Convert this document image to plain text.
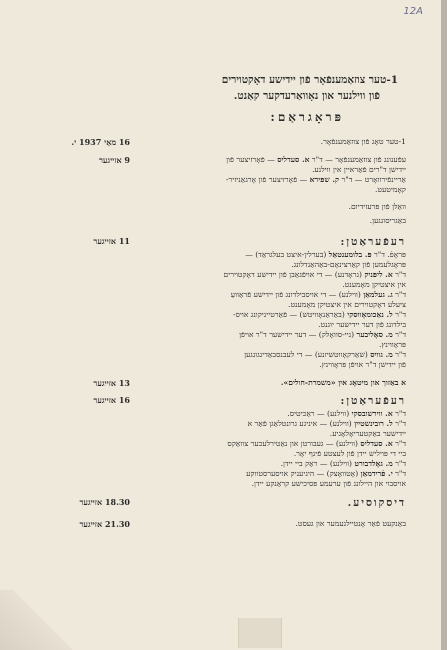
12A
1-טער צוזאַמענפֿאָר פֿון יידישע דאָקטוירים
פֿון ווילנער און נאָוואַרעדקער קאַנט.
פּראָגראַם:
1-טער טאָג פֿון צוזאַמענפֿאָר.
16 מאַי 1937 י.
עפֿענונג פֿון צוזאַמענפֿאָר — ד"ר א. סעדליס — פֿאָרזיצער פֿון
יידישן ד"רים פֿאַראיין אין ווילנע.
אַריינפֿירוואָרט — ד"ר ק. שפּירא — פֿאָרזיצער פֿון אָרגאַניזיר-
קאָמיטעט.
וואַלן פֿון פּרעזידיום.
באַגריסונגען.
9 אזייגער
רעפֿעראַטן:
פּראָפֿ. ד"ר פּ. בלומענטאַל (בערלין-איצט בעלגראַד) —
פּראָגלעמען פֿון קאַרצינאָם-באַהאַנדלונג.
ד"ר א. ליפּניק (גראָדנע) — די אויפֿגאַבן פֿון יידישע דאָקטוירים
אין איצטיקן מאָמענט.
ד"ר ג. געלמאַן (ווילנע) — די אויסבילדונג פֿון יידישע פֿראַוועַ
ציעלע דאָקטוירים אין איצטיקן מאָמענט.
ד"ר ל. נאַכומאָווסקי (באַראַנאָוויטש) — פֿאַרטייניקונג אויס-
בילדונג פֿון דער יידישער יוגנט.
ד"ר מ. סאָליבער (ניי-סוואָלק) — דער יידישער ד"ר אויפֿן
פּראָווינץ.
ד"ר מ. גוויס (שאַרקאָווטשיזנע) — די לעבנסבאַדינגונגען
פֿון יידישן ד"ר אויפֿן פּראָווינץ.
11 אזייגער
א באַזוך און מיטאָג אין «משמרת-חולים».
13 אזייגער
רעפֿעראַטן:
ד"ר א. ווירשובסקי (ווילנע) — ראַכיטיס.
ד"ר ל. רובינשטיין (ווילנע) — איניגע גרונטלאַגן פֿאַר א
יידישער באַקטעריאָלאָגיע.
ד"ר א. סעדליס (ווילנע) — געבורטן און נאַטירלעכער צוואַקס
ביי די פּויליש יידן פֿון לעצטע פֿינף יאָר.
ד"ר מ. גאָלדבורט (ווילנע) — ראַק ביי יידן.
ד"ר י. פֿרידמאַן (אָטוואָצק) — היגיעניק אויסערסטווקע
אויסבוי און היילונג פֿון ערעמע פּסיכישע קראַנקע יידן.
16 אזייגער
דיסקוסיע.
18.30 אזייגער
באַנקעט פֿאַר אָנטיילנעמער און געסט.
21.30 אזייגער
